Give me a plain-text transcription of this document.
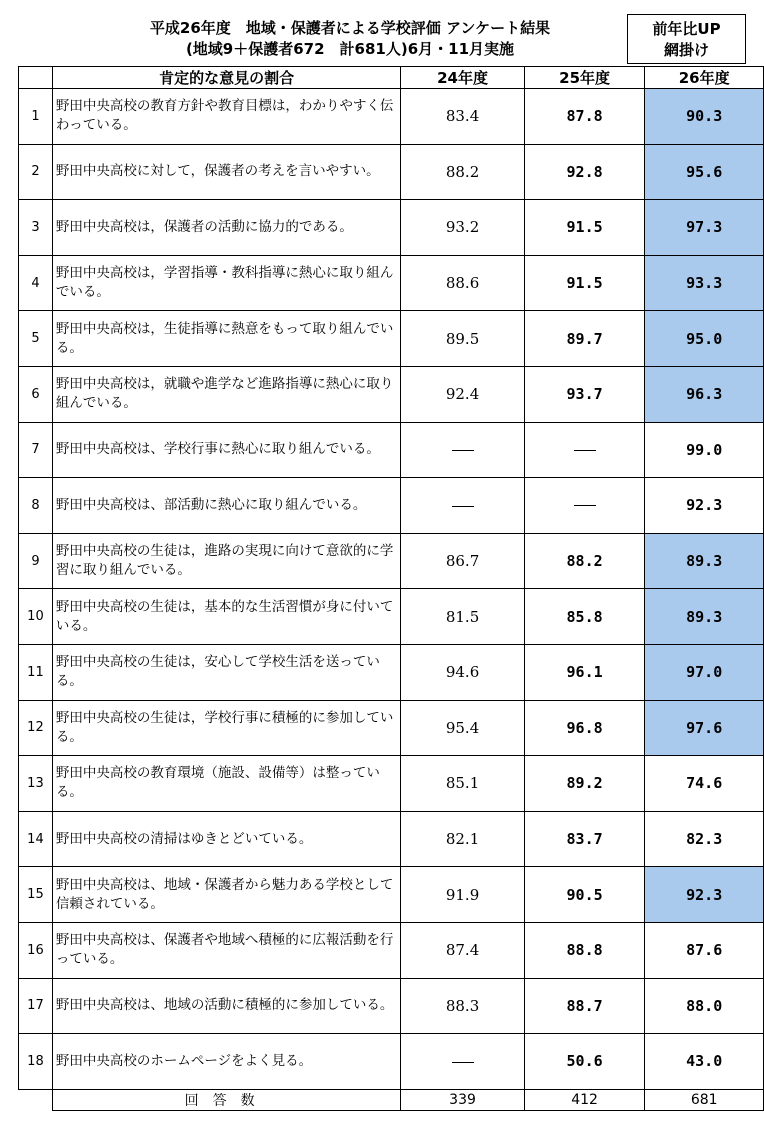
平成26年度　地域・保護者による学校評価 アンケート結果
(地域9＋保護者672　計681人)6月・11月実施
前年比UP
網掛け
	肯定的な意見の割合	24年度	25年度	26年度
1	野田中央高校の教育方針や教育目標は，わかりやすく伝わっている。	83.4	87.8	90.3
2	野田中央高校に対して，保護者の考えを言いやすい。	88.2	92.8	95.6
3	野田中央高校は，保護者の活動に協力的である。	93.2	91.5	97.3
4	野田中央高校は，学習指導・教科指導に熱心に取り組んでいる。	88.6	91.5	93.3
5	野田中央高校は，生徒指導に熱意をもって取り組んでいる。	89.5	89.7	95.0
6	野田中央高校は，就職や進学など進路指導に熱心に取り組んでいる。	92.4	93.7	96.3
7	野田中央高校は、学校行事に熱心に取り組んでいる。			99.0
8	野田中央高校は、部活動に熱心に取り組んでいる。			92.3
9	野田中央高校の生徒は，進路の実現に向けて意欲的に学習に取り組んでいる。	86.7	88.2	89.3
10	野田中央高校の生徒は，基本的な生活習慣が身に付いている。	81.5	85.8	89.3
11	野田中央高校の生徒は，安心して学校生活を送っている。	94.6	96.1	97.0
12	野田中央高校の生徒は，学校行事に積極的に参加している。	95.4	96.8	97.6
13	野田中央高校の教育環境（施設、設備等）は整っている。	85.1	89.2	74.6
14	野田中央高校の清掃はゆきとどいている。	82.1	83.7	82.3
15	野田中央高校は、地域・保護者から魅力ある学校として信頼されている。	91.9	90.5	92.3
16	野田中央高校は、保護者や地域へ積極的に広報活動を行っている。	87.4	88.8	87.6
17	野田中央高校は、地域の活動に積極的に参加している。	88.3	88.7	88.0
18	野田中央高校のホームページをよく見る。		50.6	43.0
	回答数	339	412	681
